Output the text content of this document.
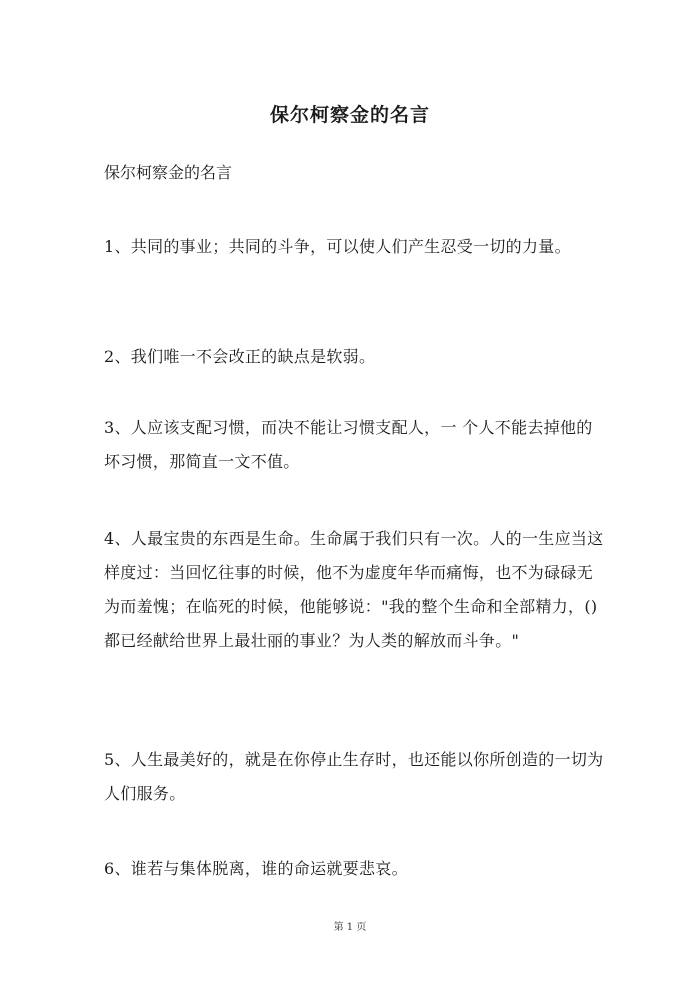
保尔柯察金的名言
保尔柯察金的名言
1、共同的事业；共同的斗争，可以使人们产生忍受一切的力量。
2、我们唯一不会改正的缺点是软弱。
3、人应该支配习惯，而决不能让习惯支配人，一 个人不能去掉他的坏习惯，那简直一文不值。
4、人最宝贵的东西是生命。生命属于我们只有一次。人的一生应当这样度过：当回忆往事的时候，他不为虚度年华而痛悔，也不为碌碌无为而羞愧；在临死的时候，他能够说："我的整个生命和全部精力，()都已经献给世界上最壮丽的事业？为人类的解放而斗争。"
5、人生最美好的，就是在你停止生存时，也还能以你所创造的一切为人们服务。
6、谁若与集体脱离，谁的命运就要悲哀。
第 1 页
